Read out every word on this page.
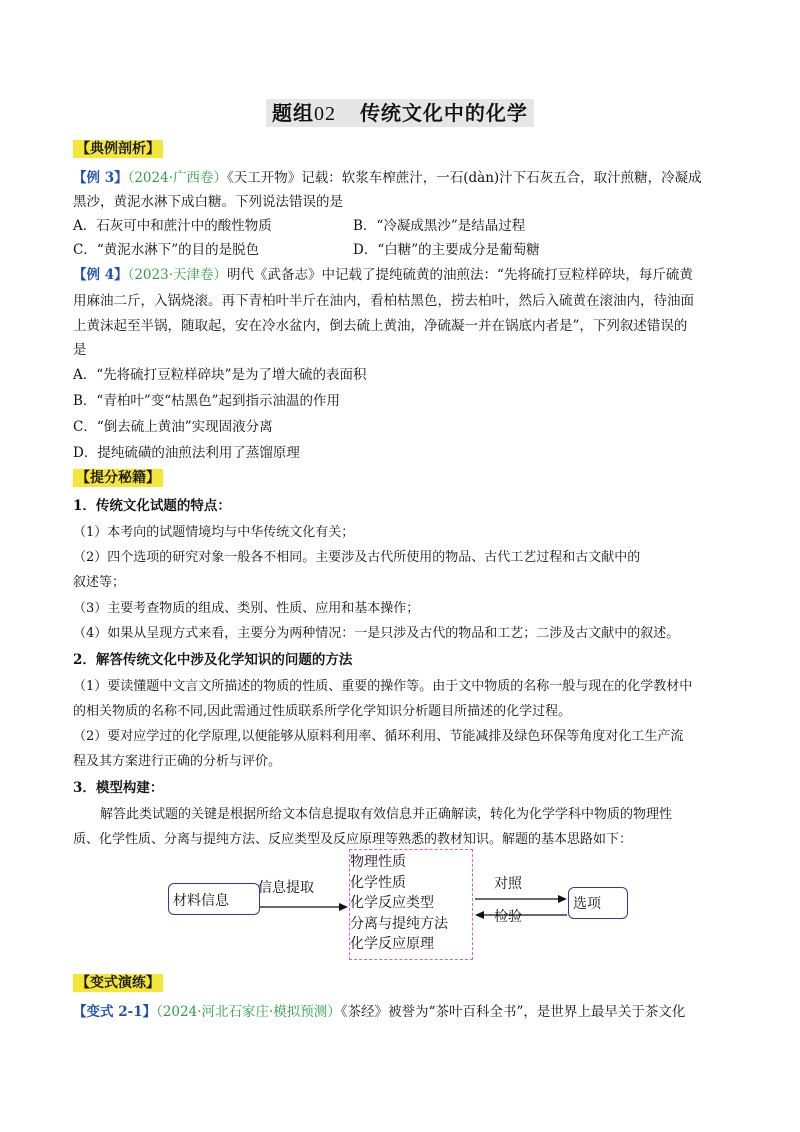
题组02 传统文化中的化学
【典例剖析】
【例 3】（2024·广西卷）《天工开物》记载：软浆车榨蔗汁，一石(dàn)汁下石灰五合，取汁煎糖，冷凝成
黑沙，黄泥水淋下成白糖。下列说法错误的是
A．石灰可中和蔗汁中的酸性物质	B．“冷凝成黑沙”是结晶过程
C．“黄泥水淋下”的目的是脱色	D．“白糖”的主要成分是葡萄糖
【例 4】（2023·天津卷）明代《武备志》中记载了提纯硫黄的油煎法：“先将硫打豆粒样碎块，每斤硫黄
用麻油二斤，入锅烧滚。再下青柏叶半斤在油内，看柏枯黑色，捞去柏叶，然后入硫黄在滚油内，待油面
上黄沫起至半锅，随取起，安在冷水盆内，倒去硫上黄油，净硫凝一并在锅底内者是”，下列叙述错误的
是
A．“先将硫打豆粒样碎块”是为了增大硫的表面积
B．“青柏叶”变“枯黑色”起到指示油温的作用
C．“倒去硫上黄油”实现固液分离
D．提纯硫磺的油煎法利用了蒸馏原理
【提分秘籍】
1．传统文化试题的特点：
（1）本考向的试题情境均与中华传统文化有关；
（2）四个选项的研究对象一般各不相同。主要涉及古代所使用的物品、古代工艺过程和古文献中的
叙述等；
（3）主要考查物质的组成、类别、性质、应用和基本操作；
（4）如果从呈现方式来看，主要分为两种情况：一是只涉及古代的物品和工艺；二涉及古文献中的叙述。
2．解答传统文化中涉及化学知识的问题的方法
（1）要读懂题中文言文所描述的物质的性质、重要的操作等。由于文中物质的名称一般与现在的化学教材中
的相关物质的名称不同,因此需通过性质联系所学化学知识分析题目所描述的化学过程。
（2）要对应学过的化学原理,以便能够从原料利用率、循环利用、节能减排及绿色环保等角度对化工生产流
程及其方案进行正确的分析与评价。
3．模型构建：
解答此类试题的关键是根据所给文本信息提取有效信息并正确解读，转化为化学学科中物质的物理性
质、化学性质、分离与提纯方法、反应类型及反应原理等熟悉的教材知识。解题的基本思路如下：
材料信息
信息提取
物理性质
化学性质
化学反应类型
分离与提纯方法
化学反应原理
对照
检验
选项
【变式演练】
【变式 2-1】（2024·河北石家庄·模拟预测）《茶经》被誉为“茶叶百科全书”，是世界上最早关于茶文化
